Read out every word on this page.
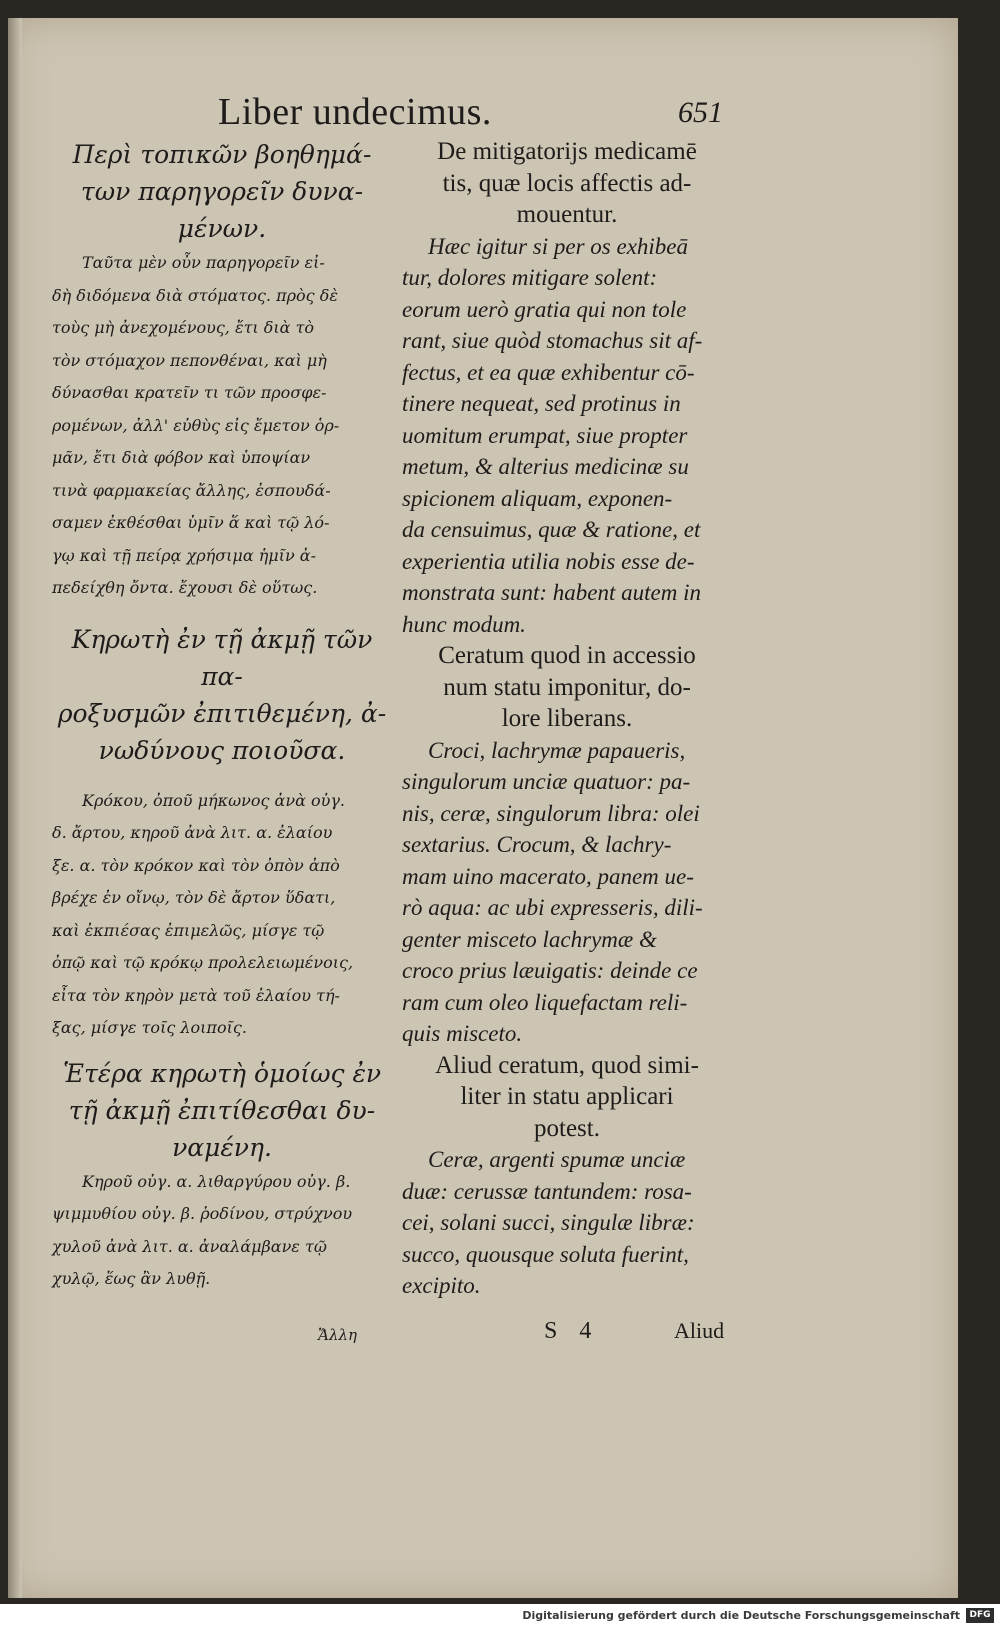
Liber undecimus.	651

Περὶ τοπικῶν βοηθημά-
των παρηγορεῖν δυνα-
μένων.

Ταῦτα μὲν οὖν παρηγορεῖν εἰ-
δὴ διδόμενα διὰ στόματος. πρὸς δὲ
τοὺς μὴ ἀνεχομένους, ἔτι διὰ τὸ
τὸν στόμαχον πεπονθέναι, καὶ μὴ
δύνασθαι κρατεῖν τι τῶν προσφε-
ρομένων, ἀλλ' εὐθὺς εἰς ἔμετον ὁρ-
μᾶν, ἔτι διὰ φόβον καὶ ὑποψίαν
τινὰ φαρμακείας ἄλλης, ἐσπουδά-
σαμεν ἐκθέσθαι ὑμῖν ἅ καὶ τῷ λό-
γῳ καὶ τῇ πείρᾳ χρήσιμα ἡμῖν ἀ-
πεδείχθη ὄντα. ἔχουσι δὲ οὕτως.

Κηρωτὴ ἐν τῇ ἀκμῇ τῶν πα-
ροξυσμῶν ἐπιτιθεμένη, ἀ-
νωδύνους ποιοῦσα.

Κρόκου, ὀποῦ μήκωνος ἀνὰ οὐγ.
δ. ἄρτου, κηροῦ ἀνὰ λιτ. α. ἐλαίου
ξε. α. τὸν κρόκον καὶ τὸν ὀπὸν ἀπὸ
βρέχε ἐν οἴνῳ, τὸν δὲ ἄρτον ὕδατι,
καὶ ἐκπιέσας ἐπιμελῶς, μίσγε τῷ
ὀπῷ καὶ τῷ κρόκῳ προλελειωμένοις,
εἶτα τὸν κηρὸν μετὰ τοῦ ἐλαίου τή-
ξας, μίσγε τοῖς λοιποῖς.

Ἑτέρα κηρωτὴ ὁμοίως ἐν
τῇ ἀκμῇ ἐπιτίθεσθαι δυ-
ναμένη.

Κηροῦ οὐγ. α. λιθαργύρου οὐγ. β.
ψιμμυθίου οὐγ. β. ῥοδίνου, στρύχνου
χυλοῦ ἀνὰ λιτ. α. ἀναλάμβανε τῷ
χυλῷ, ἕως ἂν λυθῇ.

De mitigatorijs medicamē
tis, quæ locis affectis ad-
mouentur.

Hæc igitur si per os exhibeā
tur, dolores mitigare solent:
eorum uerò gratia qui non tole
rant, siue quòd stomachus sit af-
fectus, et ea quæ exhibentur cō-
tinere nequeat, sed protinus in
uomitum erumpat, siue propter
metum, & alterius medicinæ su
spicionem aliquam, exponen-
da censuimus, quæ & ratione, et
experientia utilia nobis esse de-
monstrata sunt: habent autem in
hunc modum.

Ceratum quod in accessio
num statu imponitur, do-
lore liberans.

Croci, lachrymæ papaueris,
singulorum unciæ quatuor: pa-
nis, ceræ, singulorum libra: olei
sextarius. Crocum, & lachry-
mam uino macerato, panem ue-
rò aqua: ac ubi expresseris, dili-
genter misceto lachrymæ &
croco prius læuigatis: deinde ce
ram cum oleo liquefactam reli-
quis misceto.

Aliud ceratum, quod simi-
liter in statu applicari
potest.

Ceræ, argenti spumæ unciæ
duæ: cerussæ tantundem: rosa-
cei, solani succi, singulæ libræ:
succo, quousque soluta fuerint,
excipito.
Ἄλλη	S 4	Aliud
Digitalisierung gefördert durch die Deutsche Forschungsgemeinschaft	DFG
